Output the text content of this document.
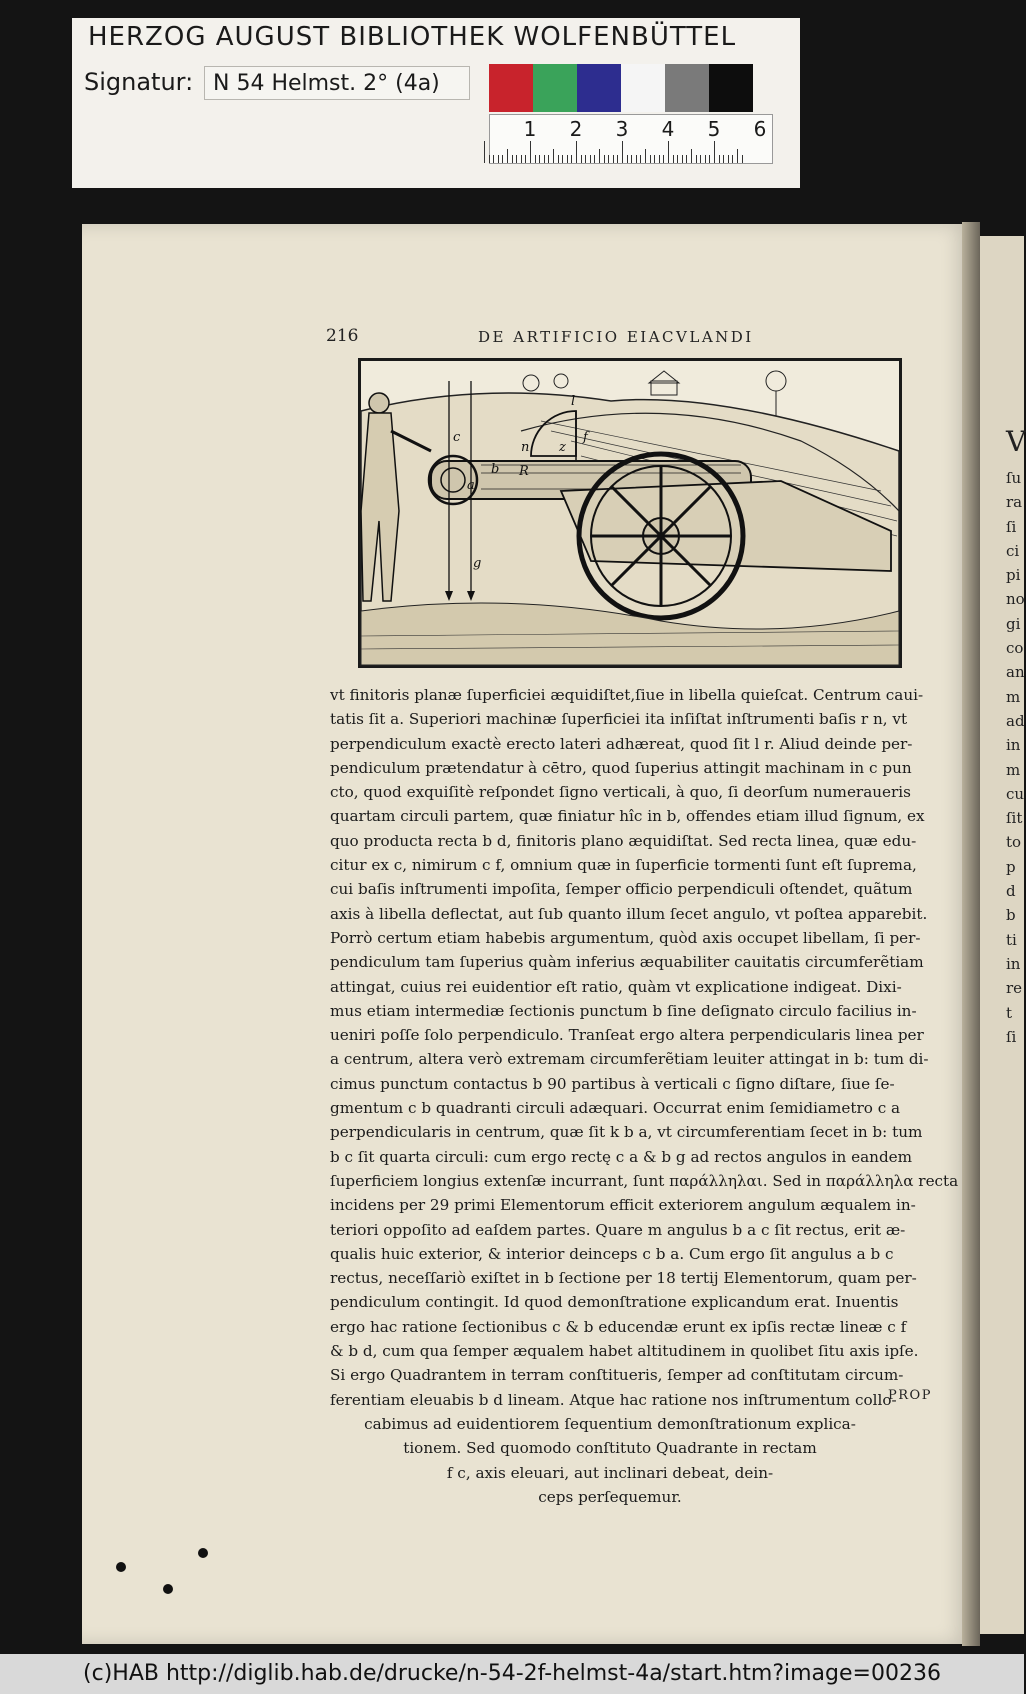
HERZOG AUGUST BIBLIOTHEK WOLFENBÜTTEL
Signatur: N 54 Helmst. 2° (4a)
1 2 3 4 5 6
216	DE ARTIFICIO EIACVLANDI
c
n z
f
l
b R
a
g
vt finitoris planæ ſuperficiei æquidiſtet,ſiue in libella quieſcat. Centrum caui-
tatis ſit a. Superiori machinæ ſuperficiei ita inſiſtat inſtrumenti baſis r n, vt
perpendiculum exactè erecto lateri adhæreat, quod ſit l r. Aliud deinde per-
pendiculum prætendatur à cētro, quod ſuperius attingit machinam in c pun
cto, quod exquiſitè reſpondet ſigno verticali, à quo, ſi deorſum numeraueris
quartam circuli partem, quæ finiatur hîc in b, offendes etiam illud ſignum, ex
quo producta recta b d, finitoris plano æquidiſtat. Sed recta linea, quæ edu-
citur ex c, nimirum c f, omnium quæ in ſuperficie tormenti ſunt eſt ſuprema,
cui baſis inſtrumenti impoſita, ſemper officio perpendiculi oſtendet, quãtum
axis à libella deflectat, aut ſub quanto illum ſecet angulo, vt poſtea apparebit.
Porrò certum etiam habebis argumentum, quòd axis occupet libellam, ſi per-
pendiculum tam ſuperius quàm inferius æquabiliter cauitatis circumferẽtiam
attingat, cuius rei euidentior eſt ratio, quàm vt explicatione indigeat. Dixi-
mus etiam intermediæ ſectionis punctum b ſine deſignato circulo facilius in-
ueniri poſſe ſolo perpendiculo. Tranſeat ergo altera perpendicularis linea per
a centrum, altera verò extremam circumferẽtiam leuiter attingat in b: tum di-
cimus punctum contactus b 90 partibus à verticali c ſigno diſtare, ſiue ſe-
gmentum c b quadranti circuli adæquari. Occurrat enim ſemidiametro c a
perpendicularis in centrum, quæ ſit k b a, vt circumferentiam ſecet in b: tum
b c ſit quarta circuli: cum ergo rectę c a & b g ad rectos angulos in eandem
ſuperficiem longius extenſæ incurrant, ſunt παράλληλαι. Sed in παράλληλα recta
incidens per 29 primi Elementorum efficit exteriorem angulum æqualem in-
teriori oppoſito ad eaſdem partes. Quare m angulus b a c ſit rectus, erit æ-
qualis huic exterior, & interior deinceps c b a. Cum ergo ſit angulus a b c
rectus, neceſſariò exiſtet in b ſectione per 18 tertij Elementorum, quam per-
pendiculum contingit. Id quod demonſtratione explicandum erat. Inuentis
ergo hac ratione ſectionibus c & b educendæ erunt ex ipſis rectæ lineæ c f
& b d, cum qua ſemper æqualem habet altitudinem in quolibet ſitu axis ipſe.
Si ergo Quadrantem in terram conſtitueris, ſemper ad conſtitutam circum-
ferentiam eleuabis b d lineam. Atque hac ratione nos inſtrumentum collo-
cabimus ad euidentiorem ſequentium demonſtrationum explica-
tionem. Sed quomodo conſtituto Quadrante in rectam
f c, axis eleuari, aut inclinari debeat, dein-
ceps perſequemur.
PROP
V
ſu
ra
ſi
ci
pi
no
gi
co
an
m
ad
in
m
cu
ſit
to
p
d
b
ti
in
re
t
ſi
(c)HAB http://diglib.hab.de/drucke/n-54-2f-helmst-4a/start.htm?image=00236
